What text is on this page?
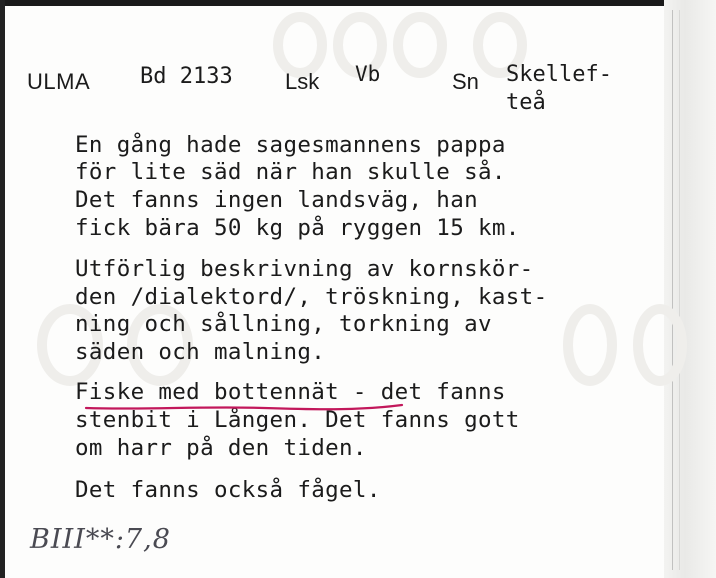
ULMA Bd 2133 Lsk Vb	Sn Skellef-
teå
En gång hade sagesmannens pappa
för lite säd när han skulle så.
Det fanns ingen landsväg, han
fick bära 50 kg på ryggen 15 km.
Utförlig beskrivning av kornskör-
den /dialektord/, tröskning, kast-
ning och sållning, torkning av
säden och malning.
Fiske med bottennät - det fanns
stenbit i Lången. Det fanns gott
om harr på den tiden.
Det fanns också fågel.
BIII**:7,8
